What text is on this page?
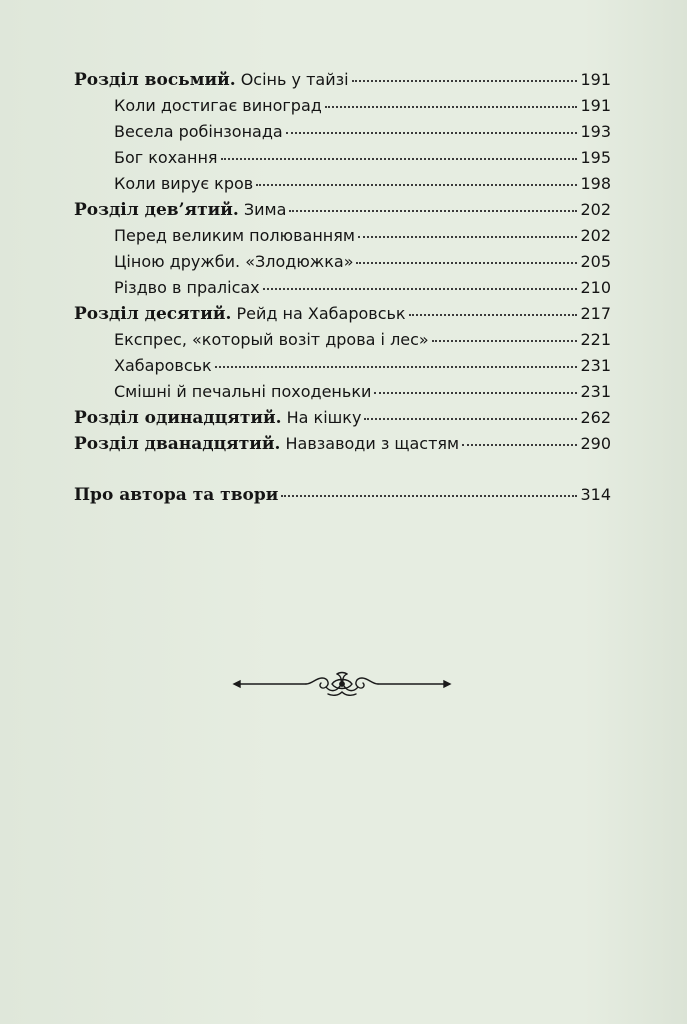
Розділ восьмий. Осінь у тайзі	191
Коли достигає виноград	191
Весела робінзонада	193
Бог кохання	195
Коли вирує кров	198
Розділ дев’ятий. Зима	202
Перед великим полюванням	202
Ціною дружби. «Злодюжка»	205
Різдво в пралісах	210
Розділ десятий. Рейд на Хабаровськ	217
Експрес, «который возіт дрова і лес»	221
Хабаровськ	231
Смішні й печальні походеньки	231
Розділ одинадцятий. На кішку	262
Розділ дванадцятий. Навзаводи з щастям	290
Про автора та твори	314
